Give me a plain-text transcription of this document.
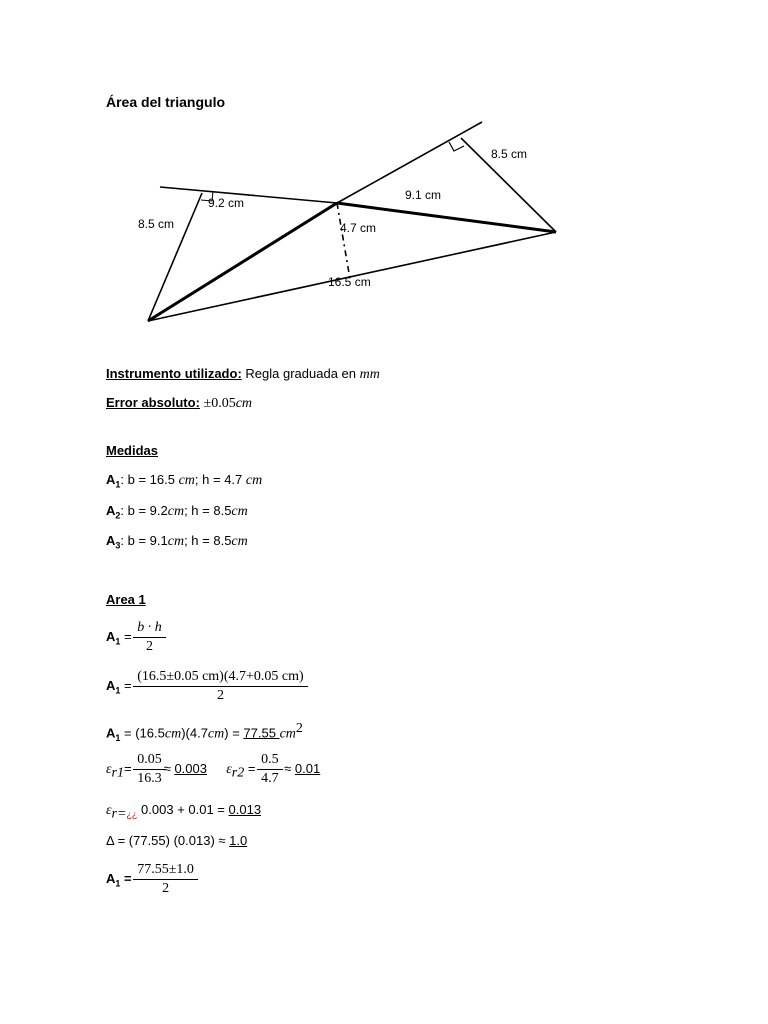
Área del triangulo
8.5 cm
9.2 cm
8.5 cm
9.1 cm
4.7 cm
16.5 cm
Instrumento utilizado: Regla graduada en mm
Error absoluto: ±0.05cm
Medidas
$A_1$: b = 16.5 cm; h = 4.7 cm
$A_2$: b = 9.2cm; h = 8.5cm
$A_3$: b = 9.1cm; h = 8.5cm
Area 1
$A_1 = \frac{b \cdot h}{2}$
$A_1 = \frac{(16.5\pm 0.05 cm)(4.7+0.05 cm)}{2}$
$A_1 = (16.5cm)(4.7cm) = 77.55$ $cm^2$
$\varepsilon_{r1}= \frac{0.05}{16.3} \approx 0.003$ $\varepsilon_{r2} = \frac{0.5}{4.7} \approx 0.01$
$\varepsilon_{r=¿¿}$ 0.003 + 0.01 = 0.013
Δ = (77.55) (0.013) ≈ 1.0
$A_1 = \frac{77.55\pm 1.0}{2}$
